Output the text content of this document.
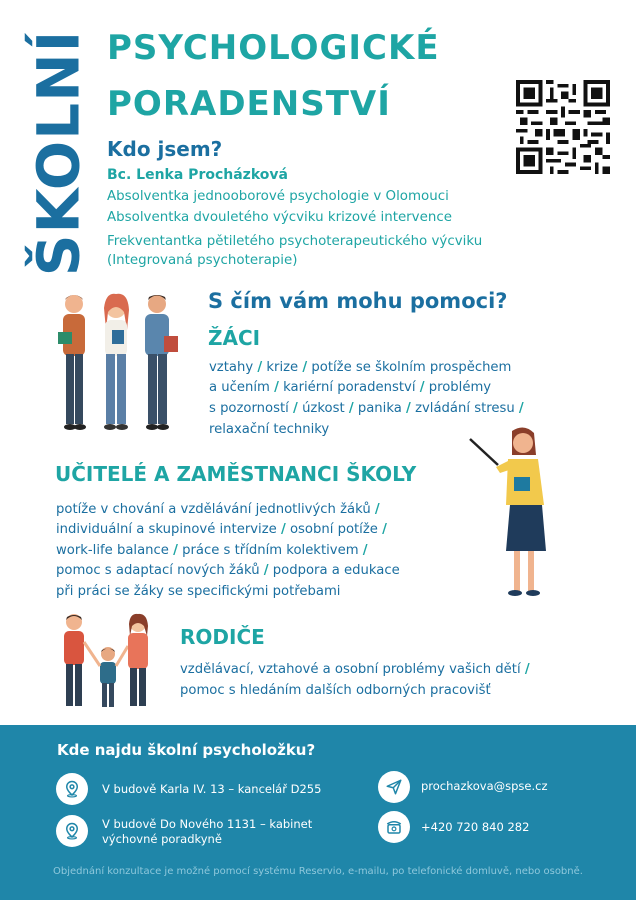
ŠKOLNÍ PSYCHOLOGICKÉ
PORADENSTVÍ
Kdo jsem?
Bc. Lenka Procházková
Absolventka jednooborové psychologie v Olomouci
Absolventka dvouletého výcviku krizové intervence
Frekventantka pětiletého psychoterapeutického výcviku
(Integrovaná psychoterapie)
S čím vám mohu pomoci?
ŽÁCI
vztahy / krize / potíže se školním prospěchem
a učením / kariérní poradenství / problémy
s pozorností / úzkost / panika / zvládání stresu /
relaxační techniky
UČITELÉ A ZAMĚSTNANCI ŠKOLY
potíže v chování a vzdělávání jednotlivých žáků /
individuální a skupinové intervize / osobní potíže /
work-life balance / práce s třídním kolektivem /
pomoc s adaptací nových žáků / podpora a edukace
při práci se žáky se specifickými potřebami
RODIČE
vzdělávací, vztahové a osobní problémy vašich dětí /
pomoc s hledáním dalších odborných pracovišť
Kde najdu školní psycholožku?
V budově Karla IV. 13 – kancelář D255
V budově Do Nového 1131 – kabinet
výchovné poradkyně
prochazkova@spse.cz
+420 720 840 282
Objednání konzultace je možné pomocí systému Reservio, e-mailu, po telefonické domluvě, nebo osobně.
